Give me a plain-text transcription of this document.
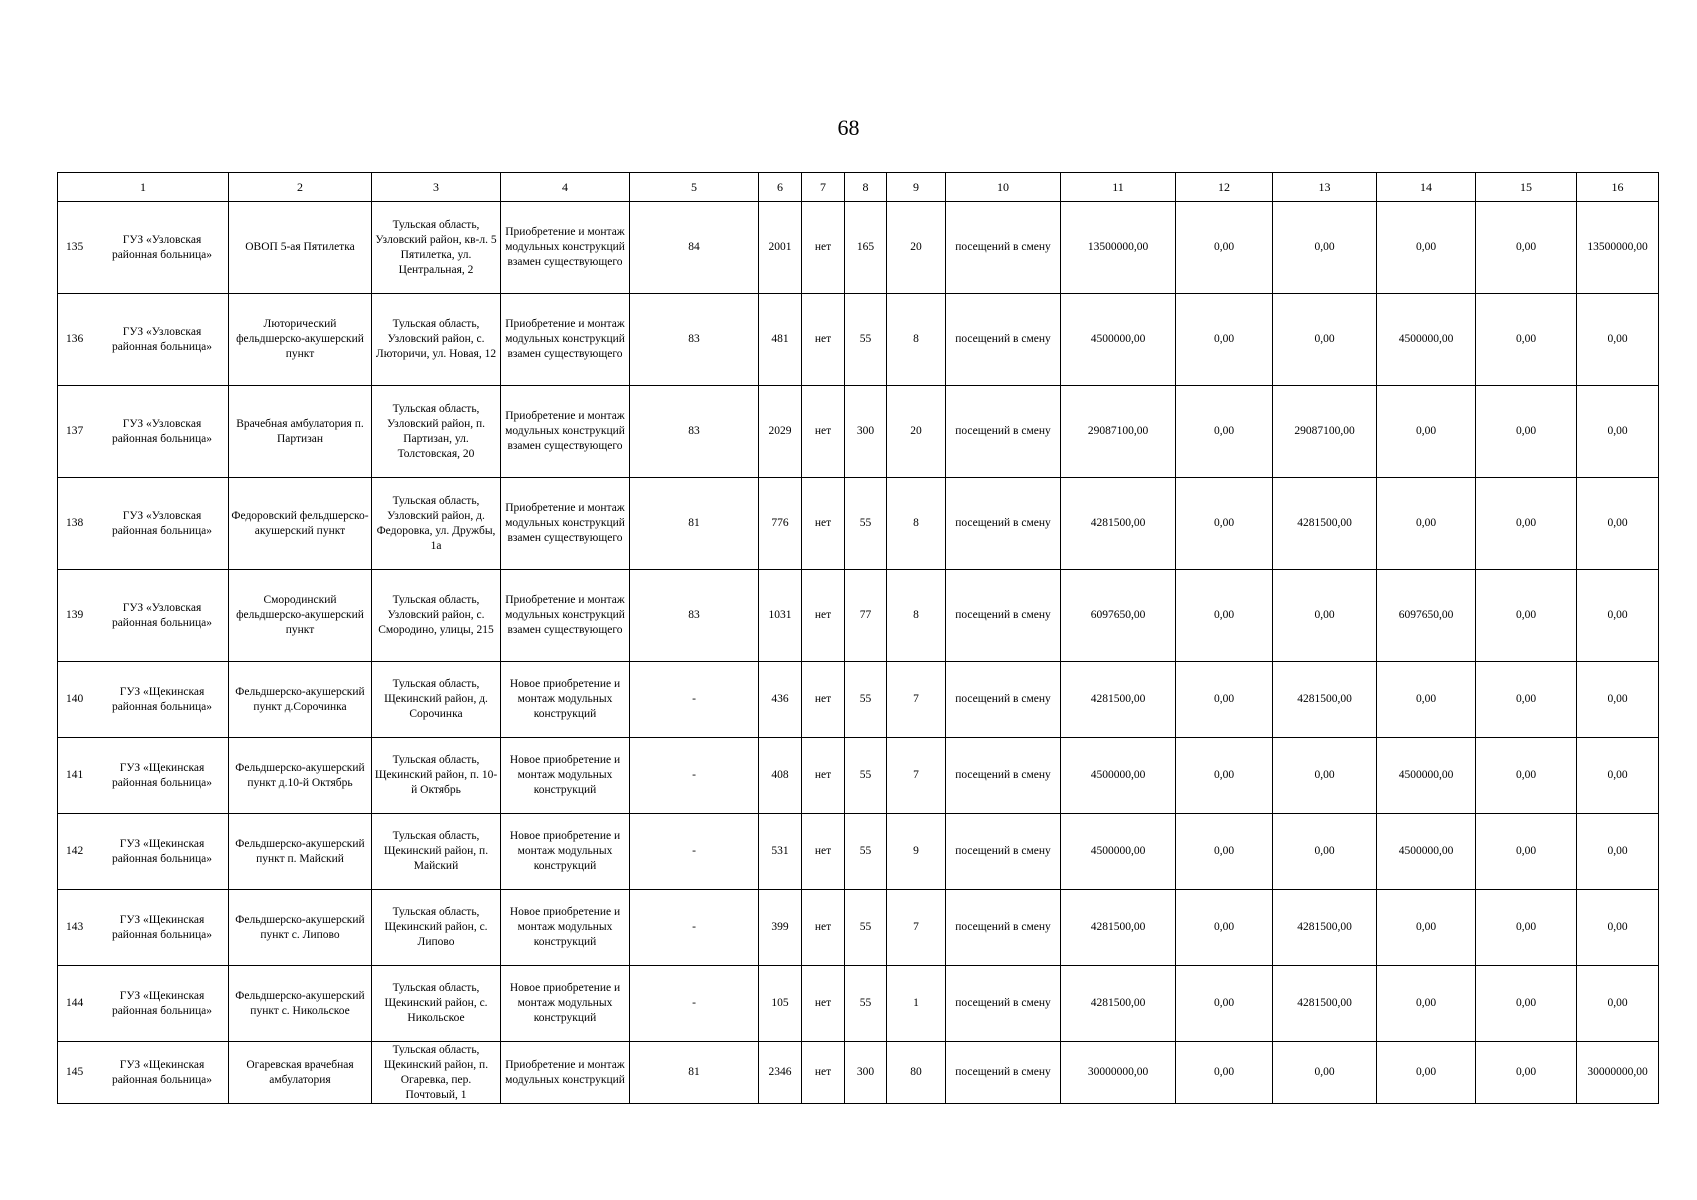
68
1	2	3	4	5	6	7	8	9	10	11	12	13	14	15	16

135
ГУЗ «Узловская районная больница»	ОВОП 5-ая Пятилетка	Тульская область, Узловский район, кв-л. 5 Пятилетка, ул. Центральная, 2	Приобретение и монтаж модульных конструкций взамен существующего	84	2001	нет	165	20	посещений в смену	13500000,00	0,00	0,00	0,00	0,00	13500000,00

136
ГУЗ «Узловская районная больница»	Люторический фельдшерско-акушерский пункт	Тульская область, Узловский район, с. Люторичи, ул. Новая, 12	Приобретение и монтаж модульных конструкций взамен существующего	83	481	нет	55	8	посещений в смену	4500000,00	0,00	0,00	4500000,00	0,00	0,00

137
ГУЗ «Узловская районная больница»	Врачебная амбулатория п. Партизан	Тульская область, Узловский район, п. Партизан, ул. Толстовская, 20	Приобретение и монтаж модульных конструкций взамен существующего	83	2029	нет	300	20	посещений в смену	29087100,00	0,00	29087100,00	0,00	0,00	0,00

138
ГУЗ «Узловская районная больница»	Федоровский фельдшерско-акушерский пункт	Тульская область, Узловский район, д. Федоровка, ул. Дружбы, 1а	Приобретение и монтаж модульных конструкций взамен существующего	81	776	нет	55	8	посещений в смену	4281500,00	0,00	4281500,00	0,00	0,00	0,00

139
ГУЗ «Узловская районная больница»	Смородинский фельдшерско-акушерский пункт	Тульская область, Узловский район, с. Смородино, улицы, 215	Приобретение и монтаж модульных конструкций взамен существующего	83	1031	нет	77	8	посещений в смену	6097650,00	0,00	0,00	6097650,00	0,00	0,00

140
ГУЗ «Щекинская районная больница»	Фельдшерско-акушерский пункт д.Сорочинка	Тульская область, Щекинский район, д. Сорочинка	Новое приобретение и монтаж модульных конструкций	-	436	нет	55	7	посещений в смену	4281500,00	0,00	4281500,00	0,00	0,00	0,00

141
ГУЗ «Щекинская районная больница»	Фельдшерско-акушерский пункт д.10-й Октябрь	Тульская область, Щекинский район, п. 10-й Октябрь	Новое приобретение и монтаж модульных конструкций	-	408	нет	55	7	посещений в смену	4500000,00	0,00	0,00	4500000,00	0,00	0,00

142
ГУЗ «Щекинская районная больница»	Фельдшерско-акушерский пункт п. Майский	Тульская область, Щекинский район, п. Майский	Новое приобретение и монтаж модульных конструкций	-	531	нет	55	9	посещений в смену	4500000,00	0,00	0,00	4500000,00	0,00	0,00

143
ГУЗ «Щекинская районная больница»	Фельдшерско-акушерский пункт с. Липово	Тульская область, Щекинский район, с. Липово	Новое приобретение и монтаж модульных конструкций	-	399	нет	55	7	посещений в смену	4281500,00	0,00	4281500,00	0,00	0,00	0,00

144
ГУЗ «Щекинская районная больница»	Фельдшерско-акушерский пункт с. Никольское	Тульская область, Щекинский район, с. Никольское	Новое приобретение и монтаж модульных конструкций	-	105	нет	55	1	посещений в смену	4281500,00	0,00	4281500,00	0,00	0,00	0,00

145
ГУЗ «Щекинская районная больница»	Огаревская врачебная амбулатория	Тульская область, Щекинский район, п. Огаревка, пер. Почтовый, 1	Приобретение и монтаж модульных конструкций	81	2346	нет	300	80	посещений в смену	30000000,00	0,00	0,00	0,00	0,00	30000000,00
